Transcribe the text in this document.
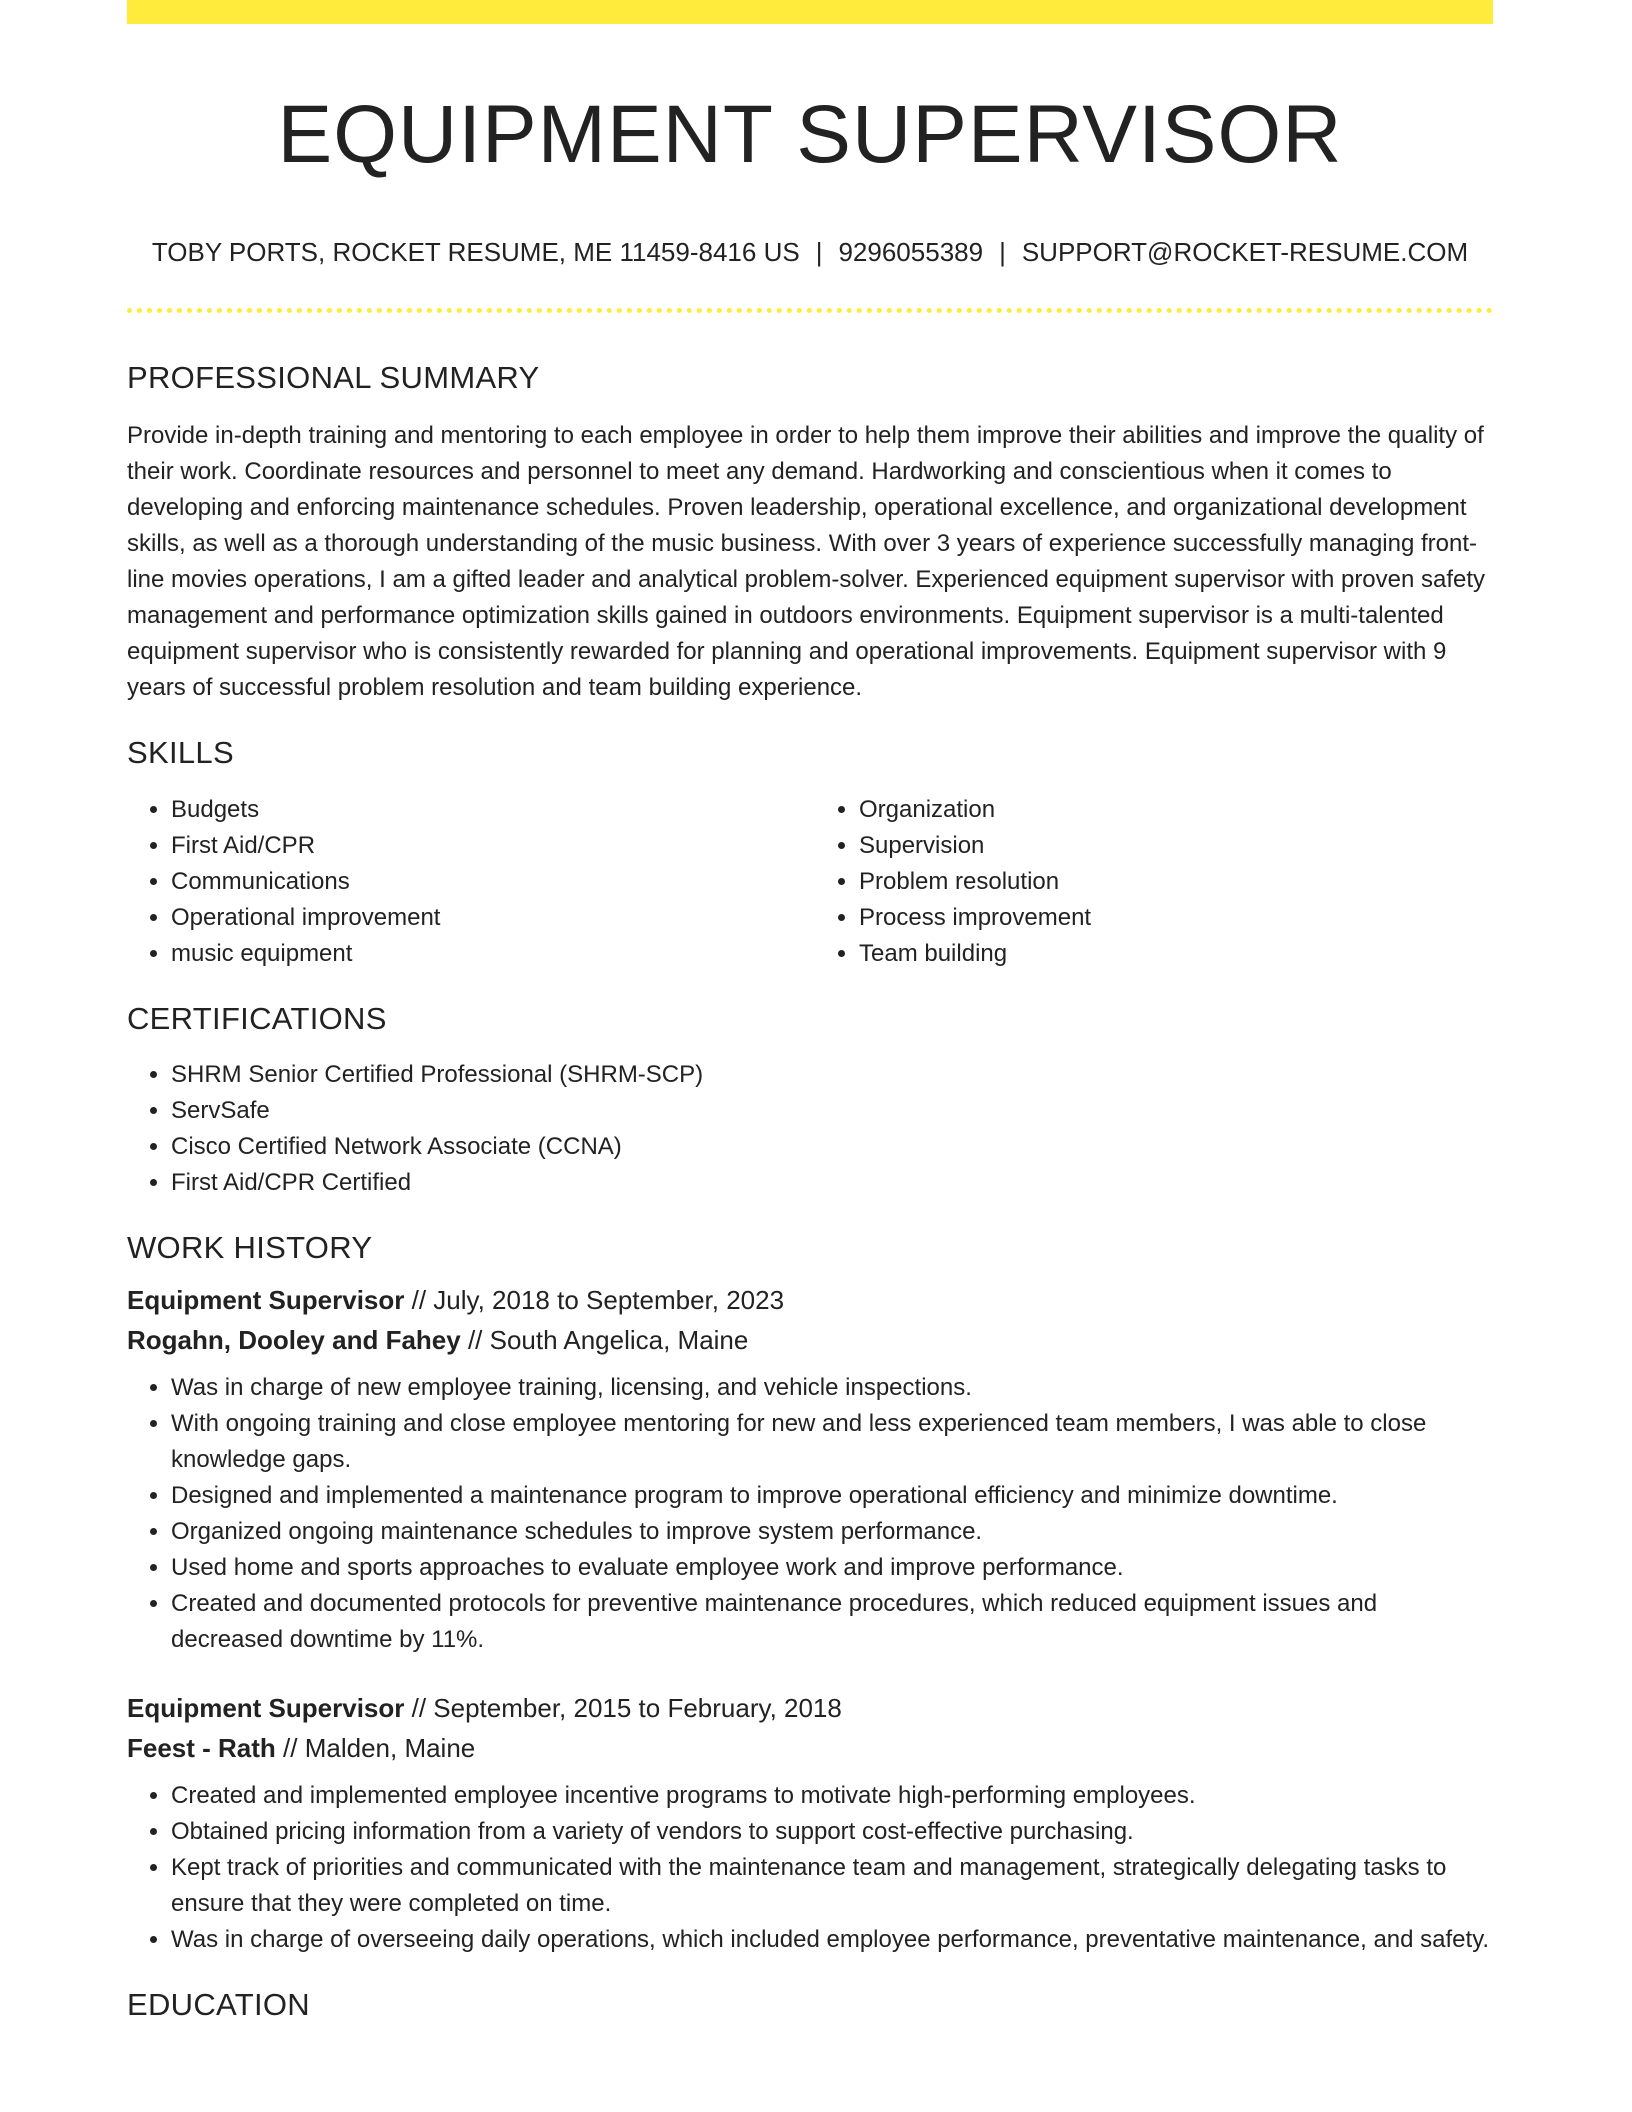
EQUIPMENT SUPERVISOR
TOBY PORTS, ROCKET RESUME, ME 11459-8416 US | 9296055389 | SUPPORT@ROCKET-RESUME.COM
PROFESSIONAL SUMMARY

Provide in-depth training and mentoring to each employee in order to help them improve their abilities and improve the quality of their work. Coordinate resources and personnel to meet any demand. Hardworking and conscientious when it comes to developing and enforcing maintenance schedules. Proven leadership, operational excellence, and organizational development skills, as well as a thorough understanding of the music business. With over 3 years of experience successfully managing front-line movies operations, I am a gifted leader and analytical problem-solver. Experienced equipment supervisor with proven safety management and performance optimization skills gained in outdoors environments. Equipment supervisor is a multi-talented equipment supervisor who is consistently rewarded for planning and operational improvements. Equipment supervisor with 9 years of successful problem resolution and team building experience.

SKILLS
• Budgets
• First Aid/CPR
• Communications
• Operational improvement
• music equipment
• Organization
• Supervision
• Problem resolution
• Process improvement
• Team building
CERTIFICATIONS
• SHRM Senior Certified Professional (SHRM-SCP)
• ServSafe
• Cisco Certified Network Associate (CCNA)
• First Aid/CPR Certified
WORK HISTORY
Equipment Supervisor // July, 2018 to September, 2023
Rogahn, Dooley and Fahey // South Angelica, Maine
• Was in charge of new employee training, licensing, and vehicle inspections.
• With ongoing training and close employee mentoring for new and less experienced team members, I was able to close knowledge gaps.
• Designed and implemented a maintenance program to improve operational efficiency and minimize downtime.
• Organized ongoing maintenance schedules to improve system performance.
• Used home and sports approaches to evaluate employee work and improve performance.
• Created and documented protocols for preventive maintenance procedures, which reduced equipment issues and decreased downtime by 11%.
Equipment Supervisor // September, 2015 to February, 2018
Feest - Rath // Malden, Maine
• Created and implemented employee incentive programs to motivate high-performing employees.
• Obtained pricing information from a variety of vendors to support cost-effective purchasing.
• Kept track of priorities and communicated with the maintenance team and management, strategically delegating tasks to ensure that they were completed on time.
• Was in charge of overseeing daily operations, which included employee performance, preventative maintenance, and safety.
EDUCATION
